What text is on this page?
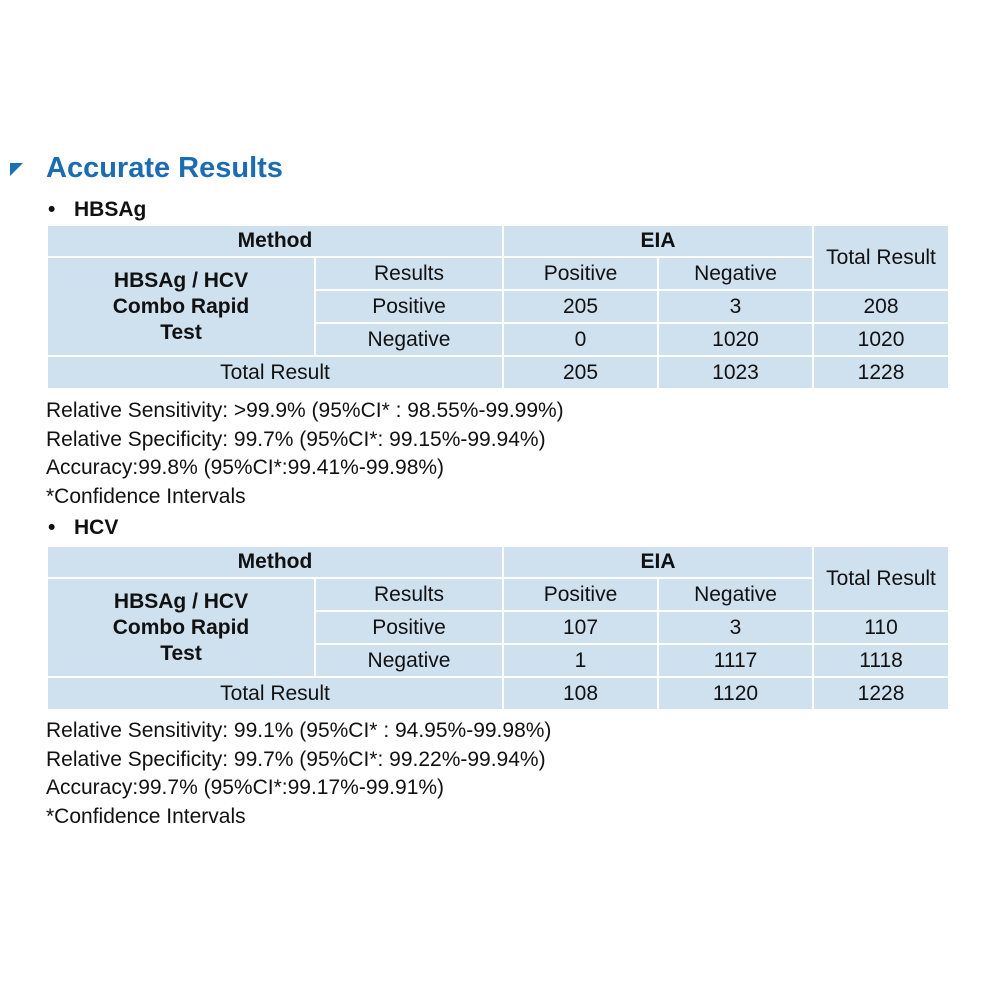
Accurate Results
• HBSAg
Method		EIA		Total Result

HBSAg / HCV
Combo Rapid
Test	Results	Positive	Negative	
	Positive	205	3	208
	Negative	0	1020	1020
Total Result		205	1023	1228
Relative Sensitivity: >99.9% (95%CI* : 98.55%-99.99%)
Relative Specificity: 99.7% (95%CI*: 99.15%-99.94%)
Accuracy:99.8% (95%CI*:99.41%-99.98%)
*Confidence Intervals
• HCV
Method		EIA		Total Result

HBSAg / HCV
Combo Rapid
Test	Results	Positive	Negative	
	Positive	107	3	110
	Negative	1	1117	1118
Total Result		108	1120	1228
Relative Sensitivity: 99.1% (95%CI* : 94.95%-99.98%)
Relative Specificity: 99.7% (95%CI*: 99.22%-99.94%)
Accuracy:99.7% (95%CI*:99.17%-99.91%)
*Confidence Intervals
